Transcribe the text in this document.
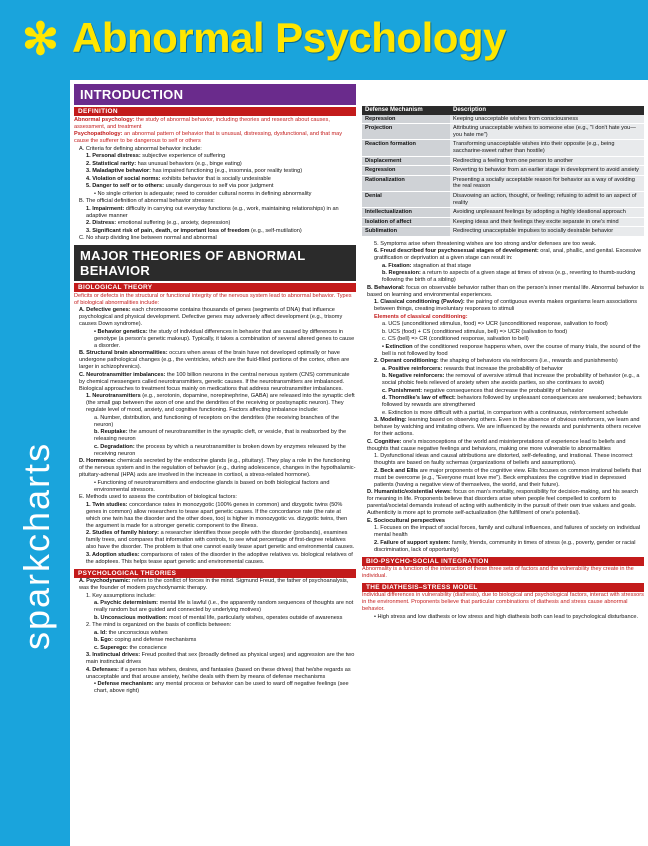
✻ Abnormal Psychology
sparkcharts
INTRODUCTION
DEFINITION

Abnormal psychology: the study of abnormal behavior, including theories and research about causes, assessment, and treatment

Psychopathology: an abnormal pattern of behavior that is unusual, distressing, dysfunctional, and that may cause the sufferer to be dangerous to self or others

A. Criteria for defining abnormal behavior include:

1. Personal distress: subjective experience of suffering

2. Statistical rarity: has unusual behaviors (e.g., binge eating)

3. Maladaptive behavior: has impaired functioning (e.g., insomnia, poor reality testing)

4. Violation of social norms: exhibits behavior that is socially undesirable

5. Danger to self or to others: usually dangerous to self via poor judgment

• No single criterion is adequate; need to consider cultural norms in defining abnormality

B. The official definition of abnormal behavior stresses:

1. Impairment: difficulty in carrying out everyday functions (e.g., work, maintaining relationships) in an adaptive manner

2. Distress: emotional suffering (e.g., anxiety, depression)

3. Significant risk of pain, death, or important loss of freedom (e.g., self-mutilation)

C. No sharp dividing line between normal and abnormal

MAJOR THEORIES OF ABNORMAL BEHAVIOR
BIOLOGICAL THEORY

Deficits or defects in the structural or functional integrity of the nervous system lead to abnormal behavior. Types of biological abnormalities include:

A. Defective genes: each chromosome contains thousands of genes (segments of DNA) that influence psychological and physical development. Defective genes may adversely affect development (e.g., trisomy causes Down syndrome).

• Behavior genetics: the study of individual differences in behavior that are caused by differences in genotype (a person's genetic makeup). Typically, it takes a combination of several altered genes to cause a disorder.

B. Structural brain abnormalities: occurs when areas of the brain have not developed optimally or have undergone pathological changes (e.g., the ventricles, which are the fluid-filled portions of the cortex, often are larger in schizophrenics).

C. Neurotransmitter imbalances: the 100 billion neurons in the central nervous system (CNS) communicate by chemical messengers called neurotransmitters, genetic causes. If the neurotransmitters are imbalanced. Biological approaches to treatment focus mainly on medications that address neurotransmitter imbalances.

1. Neurotransmitters (e.g., serotonin, dopamine, norepinephrine, GABA) are released into the synaptic cleft (the small gap between the axon of one and the dendrites of the receiving or postsynaptic neuron). They regulate level of mood, anxiety, and cognitive functioning. Factors affecting imbalance include:

a. Number, distribution, and functioning of receptors on the dendrites (the receiving branches of the neuron)

b. Reuptake: the amount of neurotransmitter in the synaptic cleft, or vesicle, that is reabsorbed by the releasing neuron

c. Degradation: the process by which a neurotransmitter is broken down by enzymes released by the receiving neuron

D. Hormones: chemicals secreted by the endocrine glands (e.g., pituitary). They play a role in the functioning of the nervous system and in the regulation of behavior (e.g., during adolescence, changes in the hypothalamic-pituitary-adrenal (HPA) axis are involved in the increase in cortisol, a stress-related hormone).

• Functioning of neurotransmitters and endocrine glands is based on both biological factors and environmental stressors.

E. Methods used to assess the contribution of biological factors:

1. Twin studies: concordance rates in monozygotic (100% genes in common) and dizygotic twins (50% genes in common) allow researchers to tease apart genetic causes. If the concordance rate (the rate at which one twin has the disorder and the other does, too) is higher in monozygotic vs. dizygotic twins, then the argument is made for a stronger genetic component to the illness.

2. Studies of family history: a researcher identifies those people with the disorder (probands), examines family trees, and compares that information with controls, to see what percentage of first-degree relatives also have the disorder. The problem is that one cannot easily tease apart genetic and environmental causes.

3. Adoption studies: comparisons of rates of the disorder in the adoptive relatives vs. biological relatives of the adoptees. This helps tease apart genetic and environmental causes.

PSYCHOLOGICAL THEORIES

A. Psychodynamic: refers to the conflict of forces in the mind. Sigmund Freud, the father of psychoanalysis, was the founder of modern psychodynamic therapy.

1. Key assumptions include:

a. Psychic determinism: mental life is lawful (i.e., the apparently random sequences of thoughts are not really random but are guided and connected by underlying motives)

b. Unconscious motivation: most of mental life, particularly wishes, operates outside of awareness

2. The mind is organized on the basis of conflicts between:

a. Id: the unconscious wishes

b. Ego: coping and defense mechanisms

c. Superego: the conscience

3. Instinctual drives: Freud posited that sex (broadly defined as physical urges) and aggression are the two main instinctual drives

4. Defenses: if a person has wishes, desires, and fantasies (based on these drives) that he/she regards as unacceptable and that arouse anxiety, he/she deals with them by means of defense mechanisms

• Defense mechanism: any mental process or behavior can be used to ward off negative feelings (see chart, above right)

Defense Mechanism	Description
Repression	Keeping unacceptable wishes from consciousness
Projection	Attributing unacceptable wishes to someone else (e.g., "I don't hate you—you hate me")
Reaction formation	Transforming unacceptable wishes into their opposite (e.g., being saccharine-sweet rather than hostile)
Displacement	Redirecting a feeling from one person to another
Regression	Reverting to behavior from an earlier stage in development to avoid anxiety
Rationalization	Presenting a socially acceptable reason for behavior as a way of avoiding the real reason
Denial	Disavowing an action, thought, or feeling; refusing to admit to an aspect of reality
Intellectualization	Avoiding unpleasant feelings by adopting a highly ideational approach
Isolation of affect	Keeping ideas and their feelings they excite separate in one's mind
Sublimation	Redirecting unacceptable impulses to socially desirable behavior

5. Symptoms arise when threatening wishes are too strong and/or defenses are too weak.

6. Freud described four psychosexual stages of development: oral, anal, phallic, and genital. Excessive gratification or deprivation at a given stage can result in:

a. Fixation: stagnation at that stage

b. Regression: a return to aspects of a given stage at times of stress (e.g., reverting to thumb-sucking following the birth of a sibling)

B. Behavioral: focus on observable behavior rather than on the person's inner mental life. Abnormal behavior is based on learning and environmental experiences.

1. Classical conditioning (Pavlov): the pairing of contiguous events makes organisms learn associations between things, creating involuntary responses to stimuli

Elements of classical conditioning:

a. UCS (unconditioned stimulus, food) => UCR (unconditioned response, salivation to food)

b. UCS (food) + CS (conditioned stimulus, bell) => UCR (salivation to food)

c. CS (bell) => CR (conditioned response, salivation to bell)

• Extinction of the conditioned response happens when, over the course of many trials, the sound of the bell is not followed by food

2. Operant conditioning: the shaping of behaviors via reinforcers (i.e., rewards and punishments)

a. Positive reinforcers: rewards that increase the probability of behavior

b. Negative reinforcers: the removal of aversive stimuli that increase the probability of behavior (e.g., a social phobic feels relieved of anxiety when she avoids parties, so she continues to avoid)

c. Punishment: negative consequences that decrease the probability of behavior

d. Thorndike's law of effect: behaviors followed by unpleasant consequences are weakened; behaviors followed by rewards are strengthened

e. Extinction is more difficult with a partial, in comparison with a continuous, reinforcement schedule

3. Modeling: learning based on observing others. Even in the absence of obvious reinforcers, we learn and behave by watching and imitating others. We are influenced by the rewards and punishments others receive for their actions.

C. Cognitive: one's misconceptions of the world and misinterpretations of experience lead to beliefs and thoughts that cause negative feelings and behaviors, making one more vulnerable to abnormalities

1. Dysfunctional ideas and causal attributions are distorted, self-defeating, and irrational. These incorrect thoughts are based on faulty schemas (organizations of beliefs and assumptions).

2. Beck and Ellis are major proponents of the cognitive view. Ellis focuses on common irrational beliefs that must be overcome (e.g., "Everyone must love me"). Beck emphasizes the cognitive triad in depressed patients (having a negative view of themselves, the world, and their future).

D. Humanistic/existential views: focus on man's mortality, responsibility for decision-making, and his search for meaning in life. Proponents believe that disorders arise when people feel compelled to conform to parental/societal demands instead of acting with authenticity in the pursuit of their own true values and goals. Authenticity is more apt to promote self-actualization (the fulfillment of one's potential).

E. Sociocultural perspectives

1. Focuses on the impact of social forces, family and cultural influences, and failures of society on individual mental health

2. Failure of support system: family, friends, community in times of stress (e.g., poverty, gender or racial discrimination, lack of opportunity)

BIO-PSYCHO-SOCIAL INTEGRATION
Abnormality is a function of the interaction of these three sets of factors and the vulnerability they create in the individual.
THE DIATHESIS–STRESS MODEL

Individual differences in vulnerability (diathesis), due to biological and psychological factors, interact with stressors in the environment. Proponents believe that particular combinations of diathesis and stress cause abnormal behavior.

• High stress and low diathesis or low stress and high diathesis both can lead to psychological disturbance.
